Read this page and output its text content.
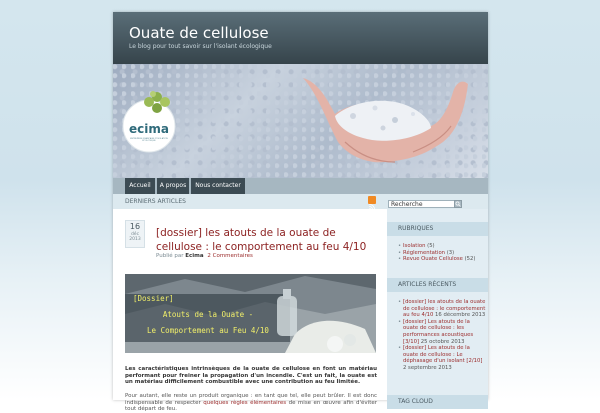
Ouate de cellulose
Le blog pour tout savoir sur l'isolant écologique
ecima
ENTREPRISE FRANÇAISE D'ISOLATION ÉCOLOGIQUE
Accueil	A propos	Nous contacter
DERNIERS ARTICLES
Recherche
16
déc
2013
[dossier] les atouts de la ouate de cellulose : le comportement au feu 4/10
Publié par Ecima 2 Commentaires
[Dossier]
Atouts de la Ouate -
Le Comportement au Feu 4/10
Les caractéristiques intrinsèques de la ouate de cellulose en font un matériau performant pour freiner la propagation d'un incendie. C'est un fait, la ouate est un matériau difficilement combustible avec une contribution au feu limitée.
Pour autant, elle reste un produit organique : en tant que tel, elle peut brûler. Il est donc indispensable de respecter quelques règles élémentaires de mise en œuvre afin d'éviter tout départ de feu.
RUBRIQUES
• Isolation (5)
• Réglementation (3)
• Revue Ouate Cellulose (52)
ARTICLES RÉCENTS
• [dossier] les atouts de la ouate de cellulose : le comportement au feu 4/10 16 décembre 2013
• [dossier] Les atouts de la ouate de cellulose : les performances acoustiques [3/10] 25 octobre 2013
• [dossier] Les atouts de la ouate de cellulose : Le déphasage d'un isolant [2/10] 2 septembre 2013
TAG CLOUD
